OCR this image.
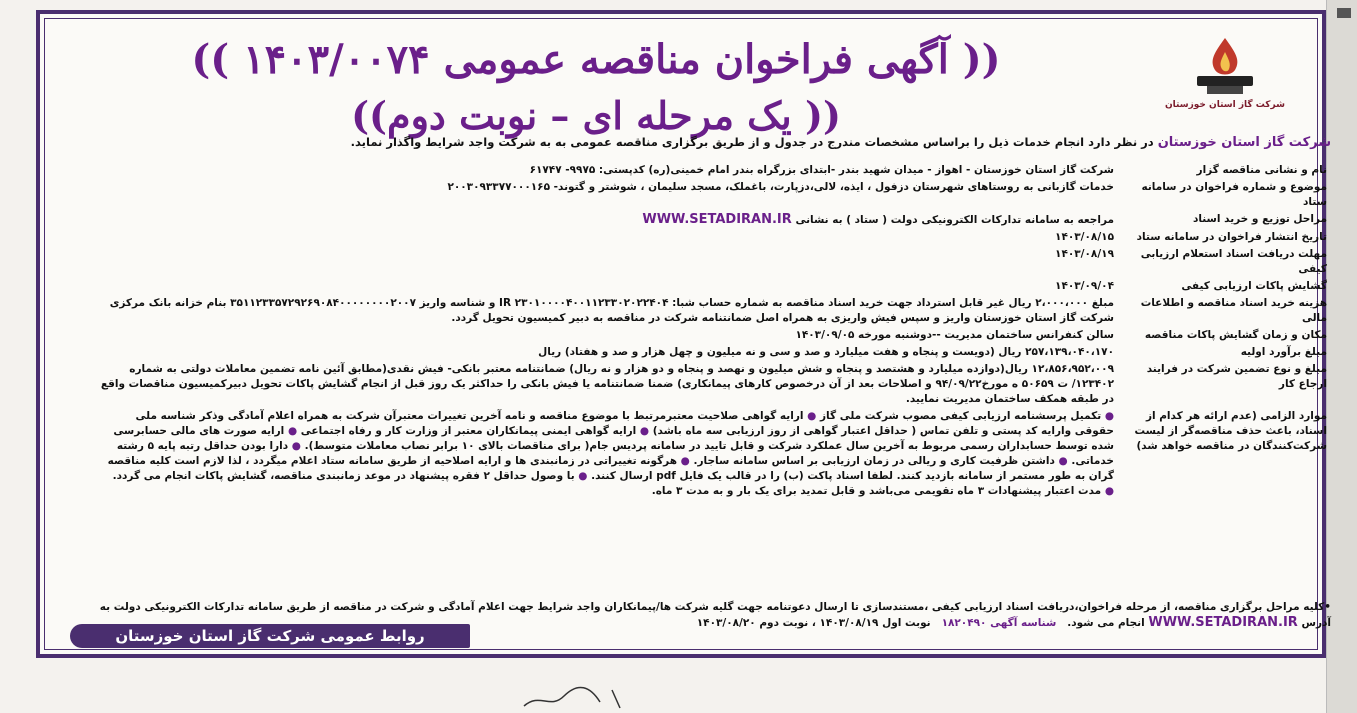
شرکت گاز استان خوزستان
(( آگهی فراخوان مناقصه عمومی ۱۴۰۳/۰۰۷۴ ))
(( یک مرحله ای – نوبت دوم))
شرکت گاز استان خوزستان در نظر دارد انجام خدمات ذیل را براساس مشخصات مندرج در جدول و از طریق برگزاری مناقصه عمومی به به شرکت واجد شرایط واگذار نماید.
نام و نشانی مناقصه گزار	شرکت گاز استان خوزستان - اهواز - میدان شهید بندر -ابتدای بزرگراه بندر امام خمینی(ره) کدپستی: ۹۹۷۵- ۶۱۷۴۷
موضوع و شماره فراخوان در سامانه ستاد	خدمات گازبانی به روستاهای شهرستان دزفول ، ایذه، لالی،دزپارت، باغملک، مسجد سلیمان ، شوشتر و گتوند- ۲۰۰۳۰۹۳۳۷۷۰۰۰۱۶۵
مراحل توزیع و خرید اسناد	مراجعه به سامانه تدارکات الکترونیکی دولت ( ستاد ) به نشانی WWW.SETADIRAN.IR
تاریخ انتشار فراخوان در سامانه ستاد	۱۴۰۳/۰۸/۱۵
مهلت دریافت اسناد استعلام ارزیابی کیفی	۱۴۰۳/۰۸/۱۹
گشایش پاکات ارزیابی کیفی	۱۴۰۳/۰۹/۰۴
هزینه خرید اسناد مناقصه و اطلاعات مالی	مبلغ ۲،۰۰۰،۰۰۰ ریال غیر قابل استرداد جهت خرید اسناد مناقصه به شماره حساب شبا: IR ۲۳۰۱۰۰۰۰۴۰۰۱۱۲۳۳۰۲۰۲۲۴۰۴ و شناسه واریز ۳۵۱۱۲۳۳۵۷۲۹۲۶۹۰۸۴۰۰۰۰۰۰۰۰۲۰۰۷ بنام خزانه بانک مرکزی شرکت گاز استان خوزستان واریز و سپس فیش واریزی به همراه اصل ضمانتنامه شرکت در مناقصه به دبیر کمیسیون تحویل گردد.
مکان و زمان گشایش پاکات مناقصه	سالن کنفرانس ساختمان مدیریت --دوشنبه مورخه ۱۴۰۳/۰۹/۰۵
مبلغ برآورد اولیه	۲۵۷،۱۳۹،۰۴۰،۱۷۰ ریال (دویست و پنجاه و هفت میلیارد و صد و سی و نه میلیون و چهل هزار و صد و هفتاد) ریال
مبلغ و نوع تضمین شرکت در فرایند ارجاع کار	۱۲،۸۵۶،۹۵۲،۰۰۹ ریال(دوازده میلیارد و هشتصد و پنجاه و شش میلیون و نهصد و پنجاه و دو هزار و نه ریال) ضمانتنامه معتبر بانکی- فیش نقدی(مطابق آئین نامه تضمین معاملات دولتی به شماره ۱۲۳۴۰۲/ ت ۵۰۶۵۹ ه مورخ۹۴/۰۹/۲۲ و اصلاحات بعد از آن درخصوص کارهای پیمانکاری) ضمنا ضمانتنامه یا فیش بانکی را حداکثر یک روز قبل از انجام گشایش پاکات تحویل دبیرکمیسیون مناقصات واقع در طبقه همکف ساختمان مدیریت نمایید.
موارد الزامی (عدم ارائه هر کدام از اسناد، باعث حذف مناقصه‌گر از لیست شرکت‌کنندگان در مناقصه خواهد شد)	● تکمیل پرسشنامه ارزیابی کیفی مصوب شرکت ملی گاز ● ارایه گواهی صلاحیت معتبرمرتبط با موضوع مناقصه و نامه آخرین تغییرات معتبرآن شرکت به همراه اعلام آمادگی وذکر شناسه ملی حقوقی وارایه کد پستی و تلفن تماس ( حداقل اعتبار گواهی از روز ارزیابی سه ماه باشد) ● ارایه گواهی ایمنی پیمانکاران معتبر از وزارت کار و رفاه اجتماعی ● ارایه صورت های مالی حسابرسی شده توسط حسابداران رسمی مربوط به آخرین سال عملکرد شرکت و قابل تایید در سامانه پردیس جام( برای مناقصات بالای ۱۰ برابر نصاب معاملات متوسط). ● دارا بودن حداقل رتبه پایه ۵ رشته خدماتی. ● داشتن ظرفیت کاری و ریالی در زمان ارزیابی بر اساس سامانه ساجار. ● هرگونه تغییراتی در زمانبندی ها و ارایه اصلاحیه از طریق سامانه ستاد اعلام میگردد ، لذا لازم است کلیه مناقصه گران به طور مستمر از سامانه بازدید کنند. لطفا اسناد پاکت (ب) را در قالب یک فایل pdf ارسال کنند. ● با وصول حداقل ۲ فقره پیشنهاد در موعد زمانبندی مناقصه، گشایش پاکات انجام می گردد.
● مدت اعتبار پیشنهادات ۳ ماه تقویمی می‌باشد و قابل تمدید برای یک بار و به مدت ۳ ماه.
•کلیه مراحل برگزاری مناقصه، از مرحله فراخوان،دریافت اسناد ارزیابی کیفی ،مستندسازی تا ارسال دعوتنامه جهت گلیه شرکت ها/پیمانکاران واجد شرایط جهت اعلام آمادگی و شرکت در مناقصه از طریق سامانه تدارکات الکترونیکی دولت به آدرس WWW.SETADIRAN.IR انجام می شود.   شناسه آگهی ۱۸۲۰۴۹۰   نوبت اول ۱۴۰۳/۰۸/۱۹ ، نوبت دوم ۱۴۰۳/۰۸/۲۰
روابط عمومی شرکت گاز استان خوزستان
